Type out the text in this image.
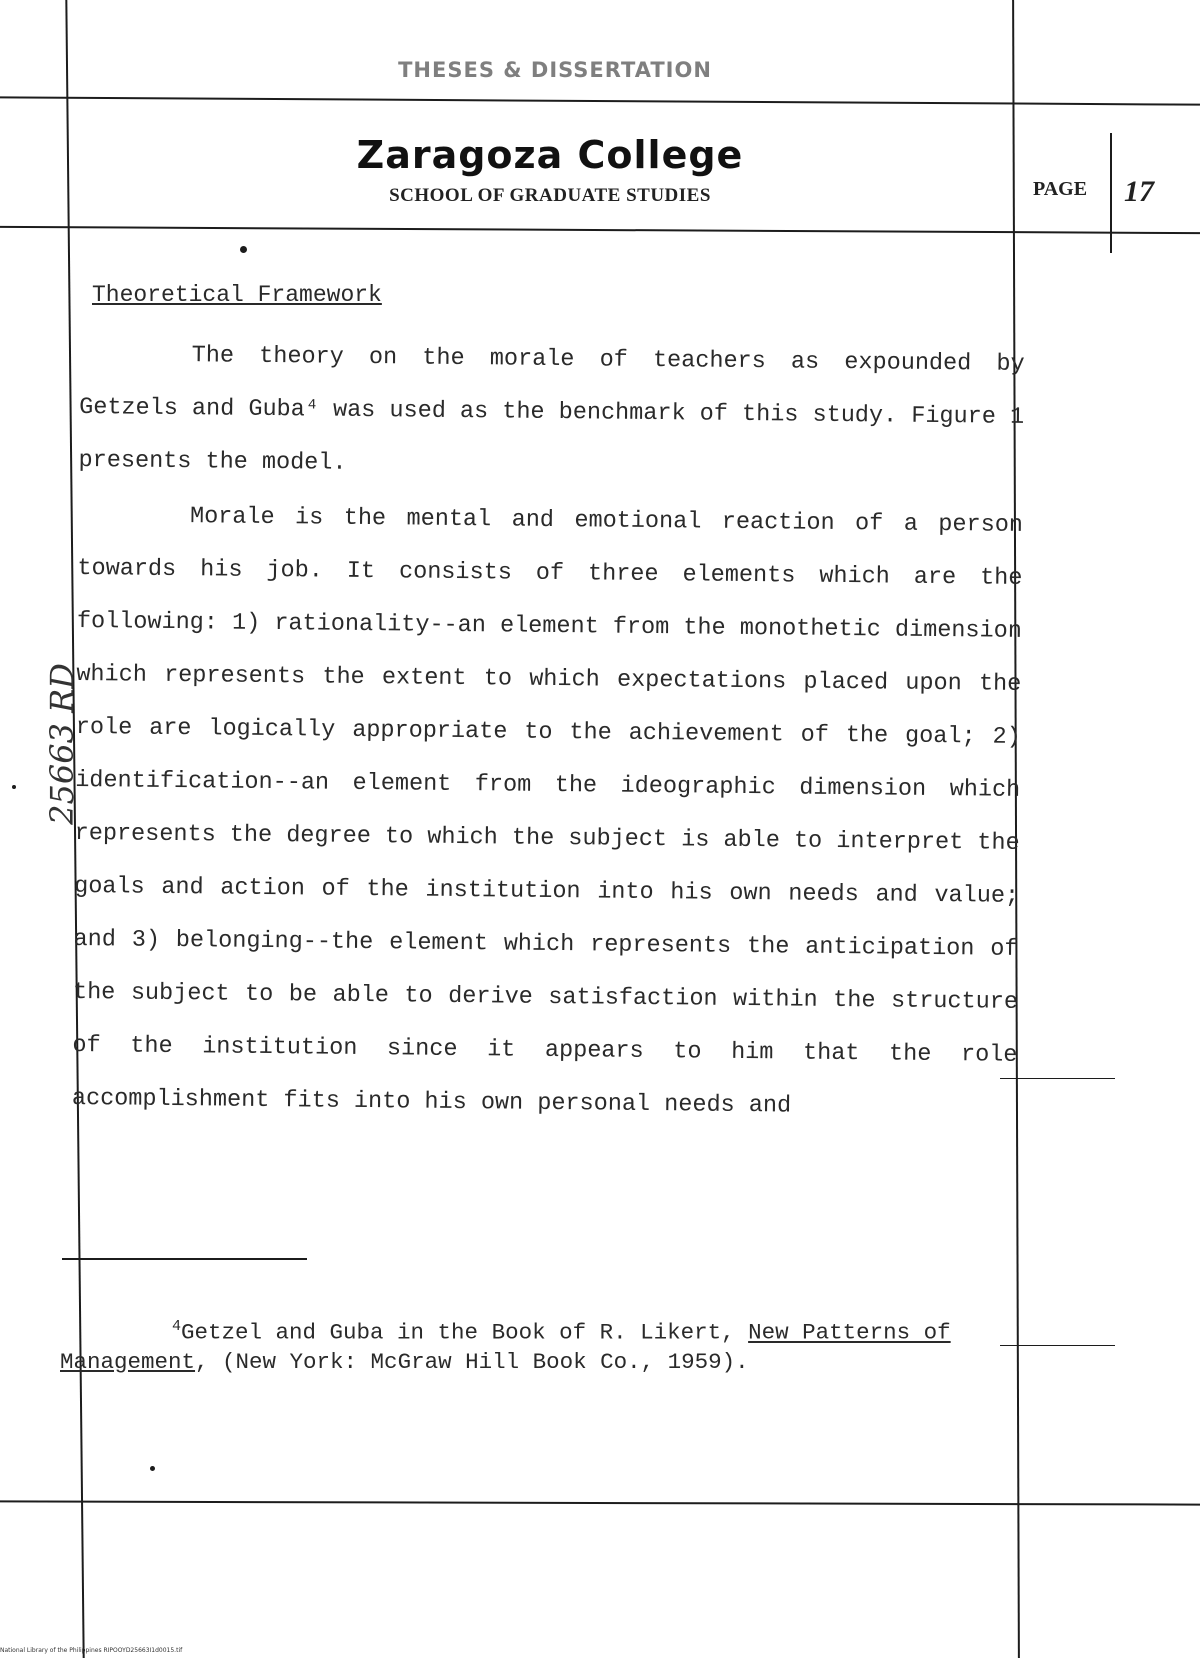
THESES & DISSERTATION
Zaragoza College
SCHOOL OF GRADUATE STUDIES	PAGE 17
Theoretical Framework

The theory on the morale of teachers as expounded by Getzels and Guba⁴ was used as the benchmark of this study. Figure 1 presents the model.

Morale is the mental and emotional reaction of a person towards his job. It consists of three elements which are the following: 1) rationality--an element from the monothetic dimension which represents the extent to which expectations placed upon the role are logically appropriate to the achievement of the goal; 2) identification--an element from the ideographic dimension which represents the degree to which the subject is able to interpret the goals and action of the institution into his own needs and value; and 3) belonging--the element which represents the anticipation of the subject to be able to derive satisfaction within the structure of the institution since it appears to him that the role accomplishment fits into his own personal needs and

$^4$Getzel and Guba in the Book of R. Likert, New Patterns of Management, (New York: McGraw Hill Book Co., 1959).
25663 RD
National Library of the Philippines RIPOOYD25663I1d0015.tif
